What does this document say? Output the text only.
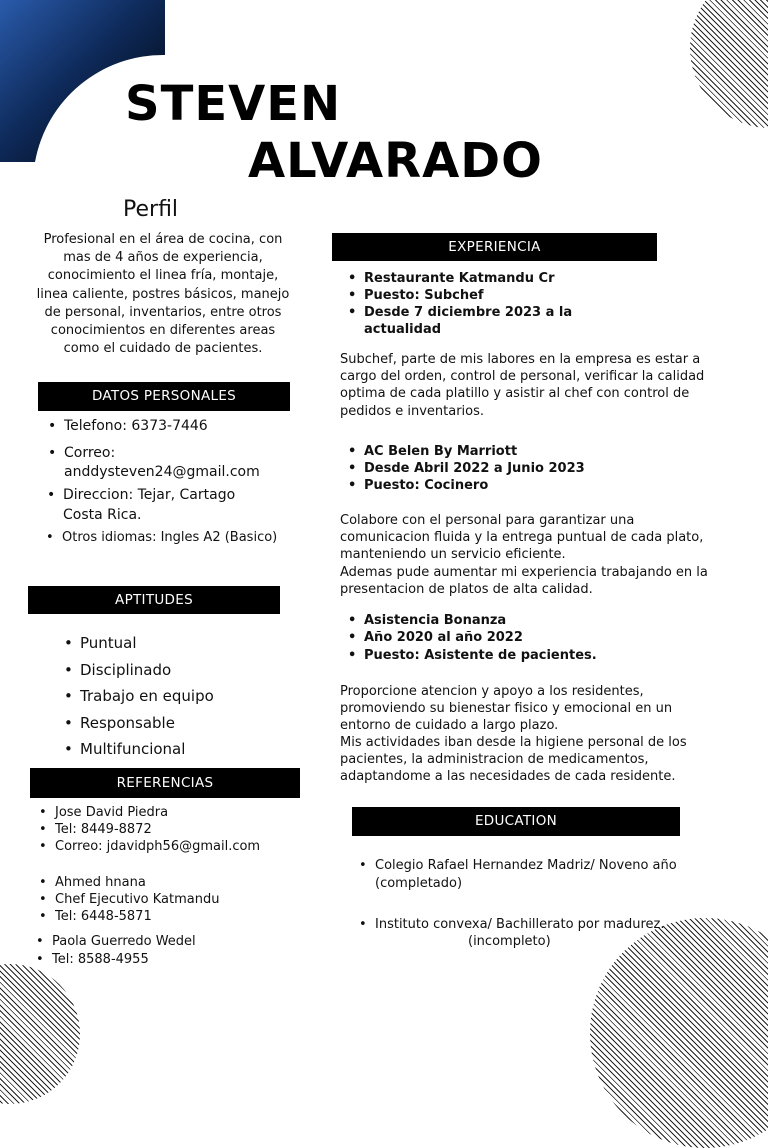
STEVEN
ALVARADO
Perfil
Profesional en el área de cocina, con mas de 4 años de experiencia, conocimiento el linea fría, montaje, linea caliente, postres básicos, manejo de personal, inventarios, entre otros conocimientos en diferentes areas como el cuidado de pacientes.
DATOS PERSONALES
• Telefono: 6373-7446
• Correo:
anddysteven24@gmail.com
• Direccion: Tejar, Cartago
Costa Rica.
• Otros idiomas: Ingles A2 (Basico)
APTITUDES
• Puntual
• Disciplinado
• Trabajo en equipo
• Responsable
• Multifuncional
REFERENCIAS
• Jose David Piedra
• Tel: 8449-8872
• Correo: jdavidph56@gmail.com
• Ahmed hnana
• Chef Ejecutivo Katmandu
• Tel: 6448-5871
• Paola Guerredo Wedel
• Tel: 8588-4955
EXPERIENCIA
• Restaurante Katmandu Cr
• Puesto: Subchef
• Desde 7 diciembre 2023 a la
actualidad
Subchef, parte de mis labores en la empresa es estar a cargo del orden, control de personal, verificar la calidad optima de cada platillo y asistir al chef con control de pedidos e inventarios.
• AC Belen By Marriott
• Desde Abril 2022 a Junio 2023
• Puesto: Cocinero
Colabore con el personal para garantizar una comunicacion fluida y la entrega puntual de cada plato, manteniendo un servicio eficiente.
Ademas pude aumentar mi experiencia trabajando en la presentacion de platos de alta calidad.
• Asistencia Bonanza
• Año 2020 al año 2022
• Puesto: Asistente de pacientes.
Proporcione atencion y apoyo a los residentes, promoviendo su bienestar fisico y emocional en un entorno de cuidado a largo plazo.
Mis actividades iban desde la higiene personal de los pacientes, la administracion de medicamentos, adaptandome a las necesidades de cada residente.
EDUCATION
• Colegio Rafael Hernandez Madriz/ Noveno año
(completado)
• Instituto convexa/ Bachillerato por madurez.
(incompleto)
